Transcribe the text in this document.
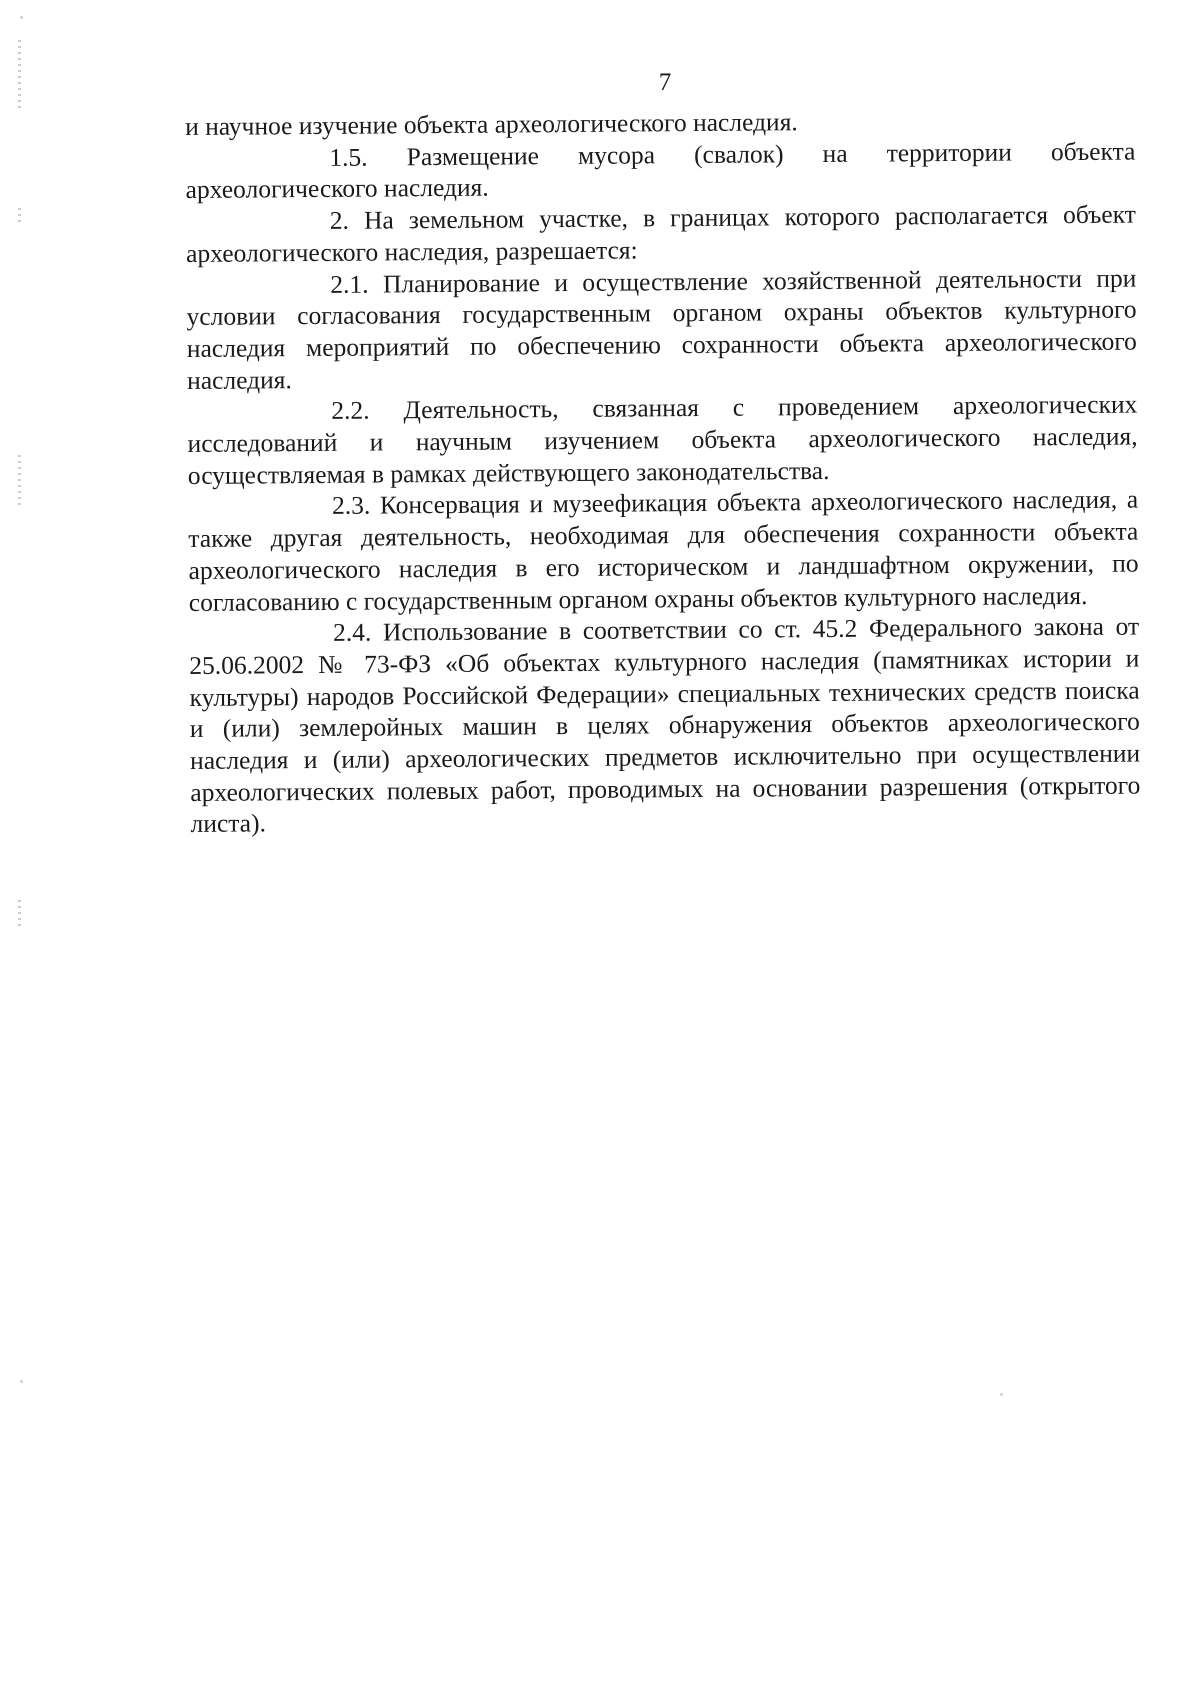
7

и научное изучение объекта археологического наследия.

1.5. Размещение мусора (свалок) на территории объекта археологического наследия.

2. На земельном участке, в границах которого располагается объект археологического наследия, разрешается:

2.1. Планирование и осуществление хозяйственной деятельности при условии согласования государственным органом охраны объектов культурного наследия мероприятий по обеспечению сохранности объекта археологического наследия.

2.2. Деятельность, связанная с проведением археологических исследований и научным изучением объекта археологического наследия, осуществляемая в рамках действующего законодательства.

2.3. Консервация и музеефикация объекта археологического наследия, а также другая деятельность, необходимая для обеспечения сохранности объекта археологического наследия в его историческом и ландшафтном окружении, по согласованию с государственным органом охраны объектов культурного наследия.

2.4. Использование в соответствии со ст. 45.2 Федерального закона от 25.06.2002 № 73-ФЗ «Об объектах культурного наследия (памятниках истории и культуры) народов Российской Федерации» специальных технических средств поиска и (или) землеройных машин в целях обнаружения объектов археологического наследия и (или) археологических предметов исключительно при осуществлении археологических полевых работ, проводимых на основании разрешения (открытого листа).
